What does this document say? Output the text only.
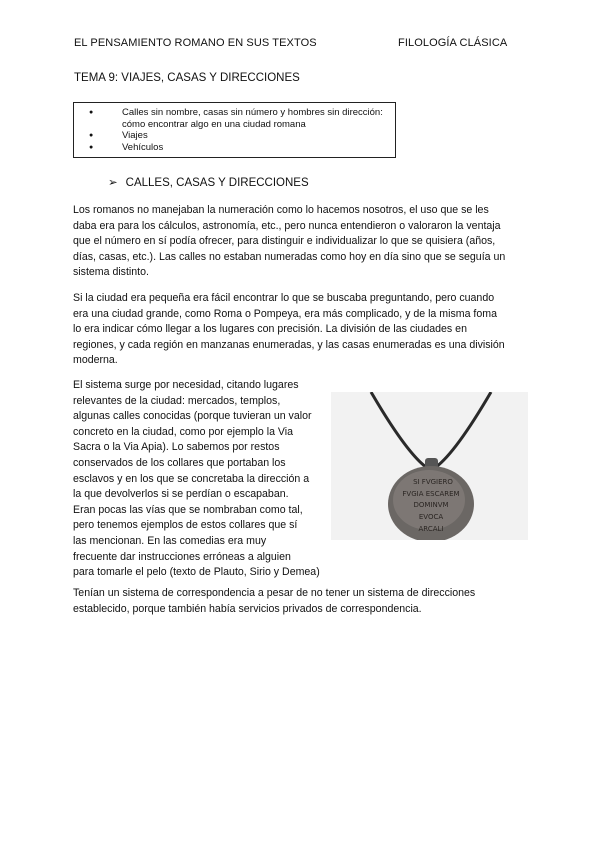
EL PENSAMIENTO ROMANO EN SUS TEXTOS	FILOLOGÍA CLÁSICA
TEMA 9: VIAJES, CASAS Y DIRECCIONES
● Calles sin nombre, casas sin número y hombres sin dirección:
cómo encontrar algo en una ciudad romana
● Viajes
● Vehículos
➢ CALLES, CASAS Y DIRECCIONES
Los romanos no manejaban la numeración como lo hacemos nosotros, el uso que se les
daba era para los cálculos, astronomía, etc., pero nunca entendieron o valoraron la ventaja
que el número en sí podía ofrecer, para distinguir e individualizar lo que se quisiera (años,
días, casas, etc.). Las calles no estaban numeradas como hoy en día sino que se seguía un
sistema distinto.
Si la ciudad era pequeña era fácil encontrar lo que se buscaba preguntando, pero cuando
era una ciudad grande, como Roma o Pompeya, era más complicado, y de la misma foma
lo era indicar cómo llegar a los lugares con precisión. La división de las ciudades en
regiones, y cada región en manzanas enumeradas, y las casas enumeradas es una división
moderna.
El sistema surge por necesidad, citando lugares
relevantes de la ciudad: mercados, templos,
algunas calles conocidas (porque tuvieran un valor
concreto en la ciudad, como por ejemplo la Via
Sacra o la Via Apia). Lo sabemos por restos
conservados de los collares que portaban los
esclavos y en los que se concretaba la dirección a
la que devolverlos si se perdían o escapaban.
Eran pocas las vías que se nombraban como tal,
pero tenemos ejemplos de estos collares que sí
las mencionan. En las comedias era muy
frecuente dar instrucciones erróneas a alguien
para tomarle el pelo (texto de Plauto, Sirio y Demea)
Tenían un sistema de correspondencia a pesar de no tener un sistema de direcciones
establecido, porque también había servicios privados de correspondencia.
SI FVGIERO
FVGIA ESCAREM
DOMINVM
EVOCA
ARCALI
